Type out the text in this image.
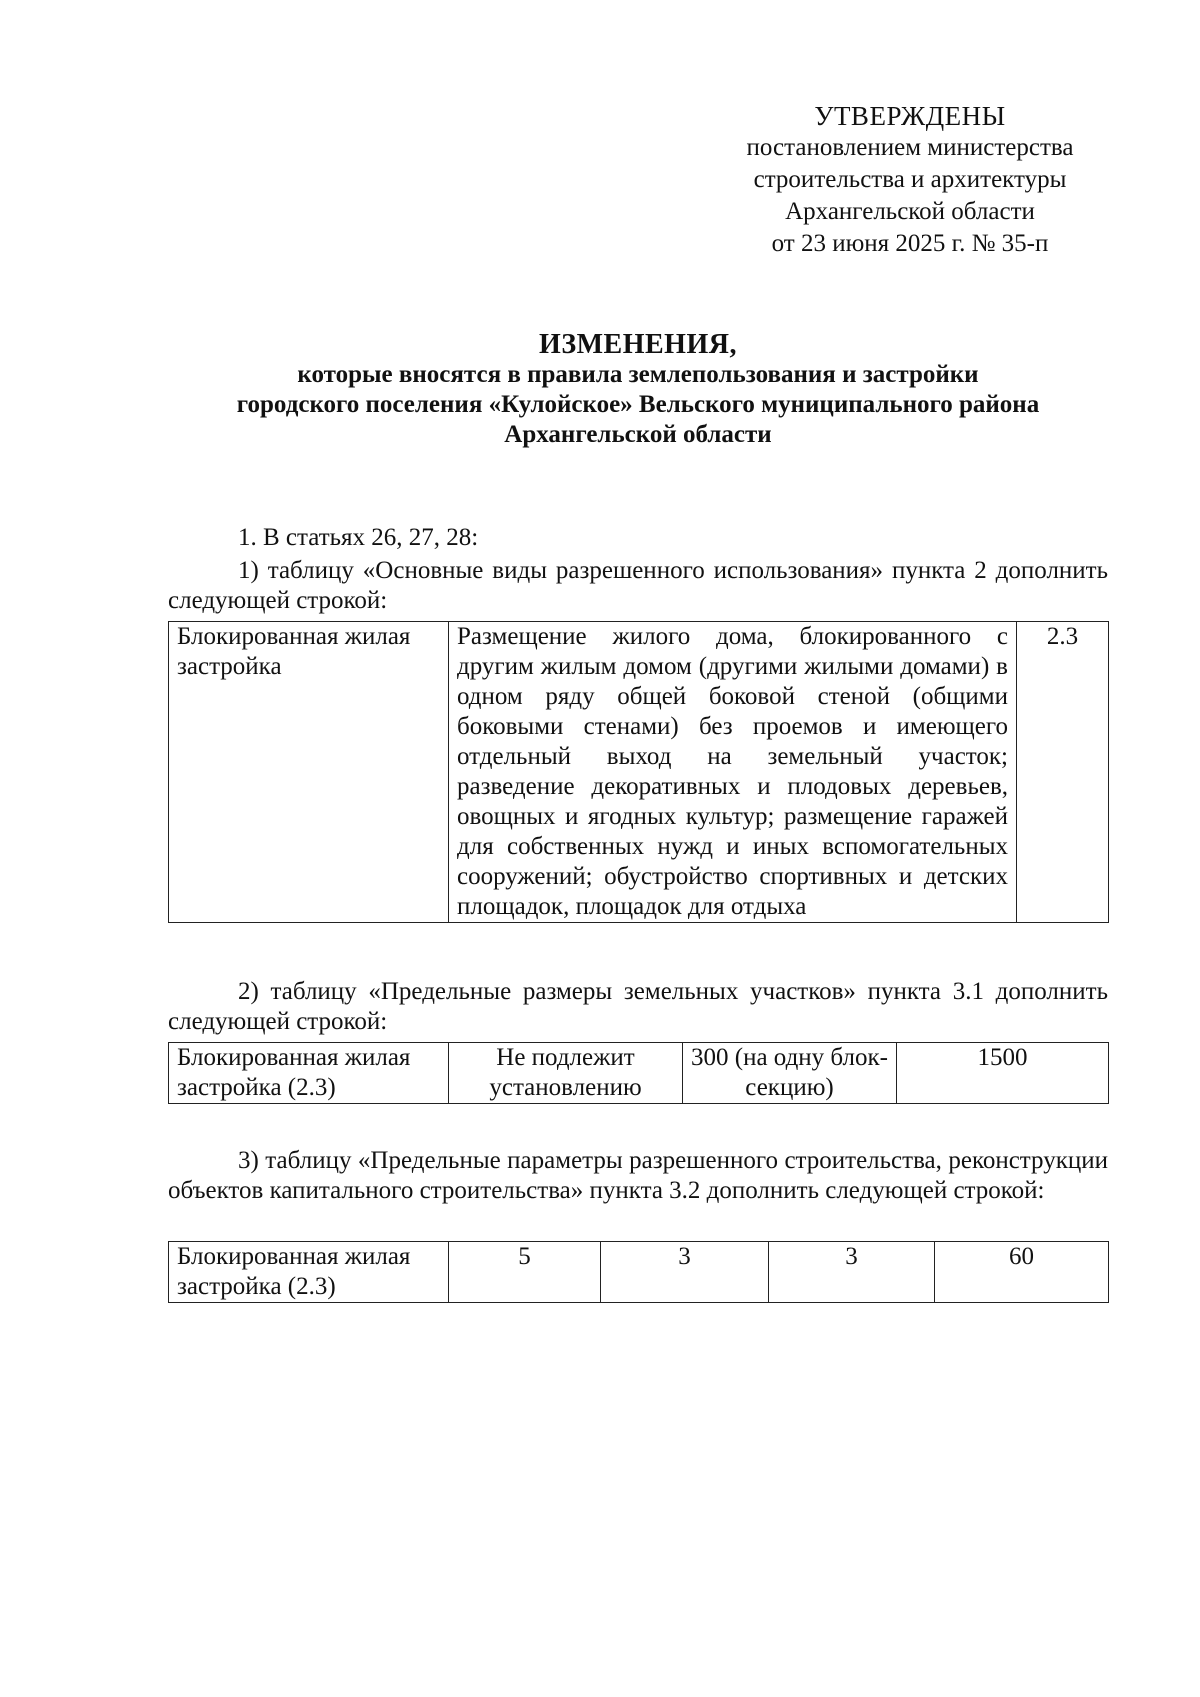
УТВЕРЖДЕНЫ
постановлением министерства
строительства и архитектуры
Архангельской области
от 23 июня 2025 г. № 35-п
ИЗМЕНЕНИЯ,
которые вносятся в правила землепользования и застройки
городского поселения «Кулойское» Вельского муниципального района
Архангельской области
1. В статьях 26, 27, 28:
1) таблицу «Основные виды разрешенного использования» пункта 2 дополнить следующей строкой:
Блокированная жилая застройка	Размещение жилого дома, блокированного с другим жилым домом (другими жилыми домами) в одном ряду общей боковой стеной (общими боковыми стенами) без проемов и имеющего отдельный выход на земельный участок; разведение декоративных и плодовых деревьев, овощных и ягодных культур; размещение гаражей для собственных нужд и иных вспомогательных сооружений; обустройство спортивных и детских площадок, площадок для отдыха	2.3
2) таблицу «Предельные размеры земельных участков» пункта 3.1 дополнить следующей строкой:
Блокированная жилая застройка (2.3)	Не подлежит установлению	300 (на одну блок-секцию)	1500
3) таблицу «Предельные параметры разрешенного строительства, реконструкции объектов капитального строительства» пункта 3.2 дополнить следующей строкой:
Блокированная жилая застройка (2.3)	5	3	3	60
